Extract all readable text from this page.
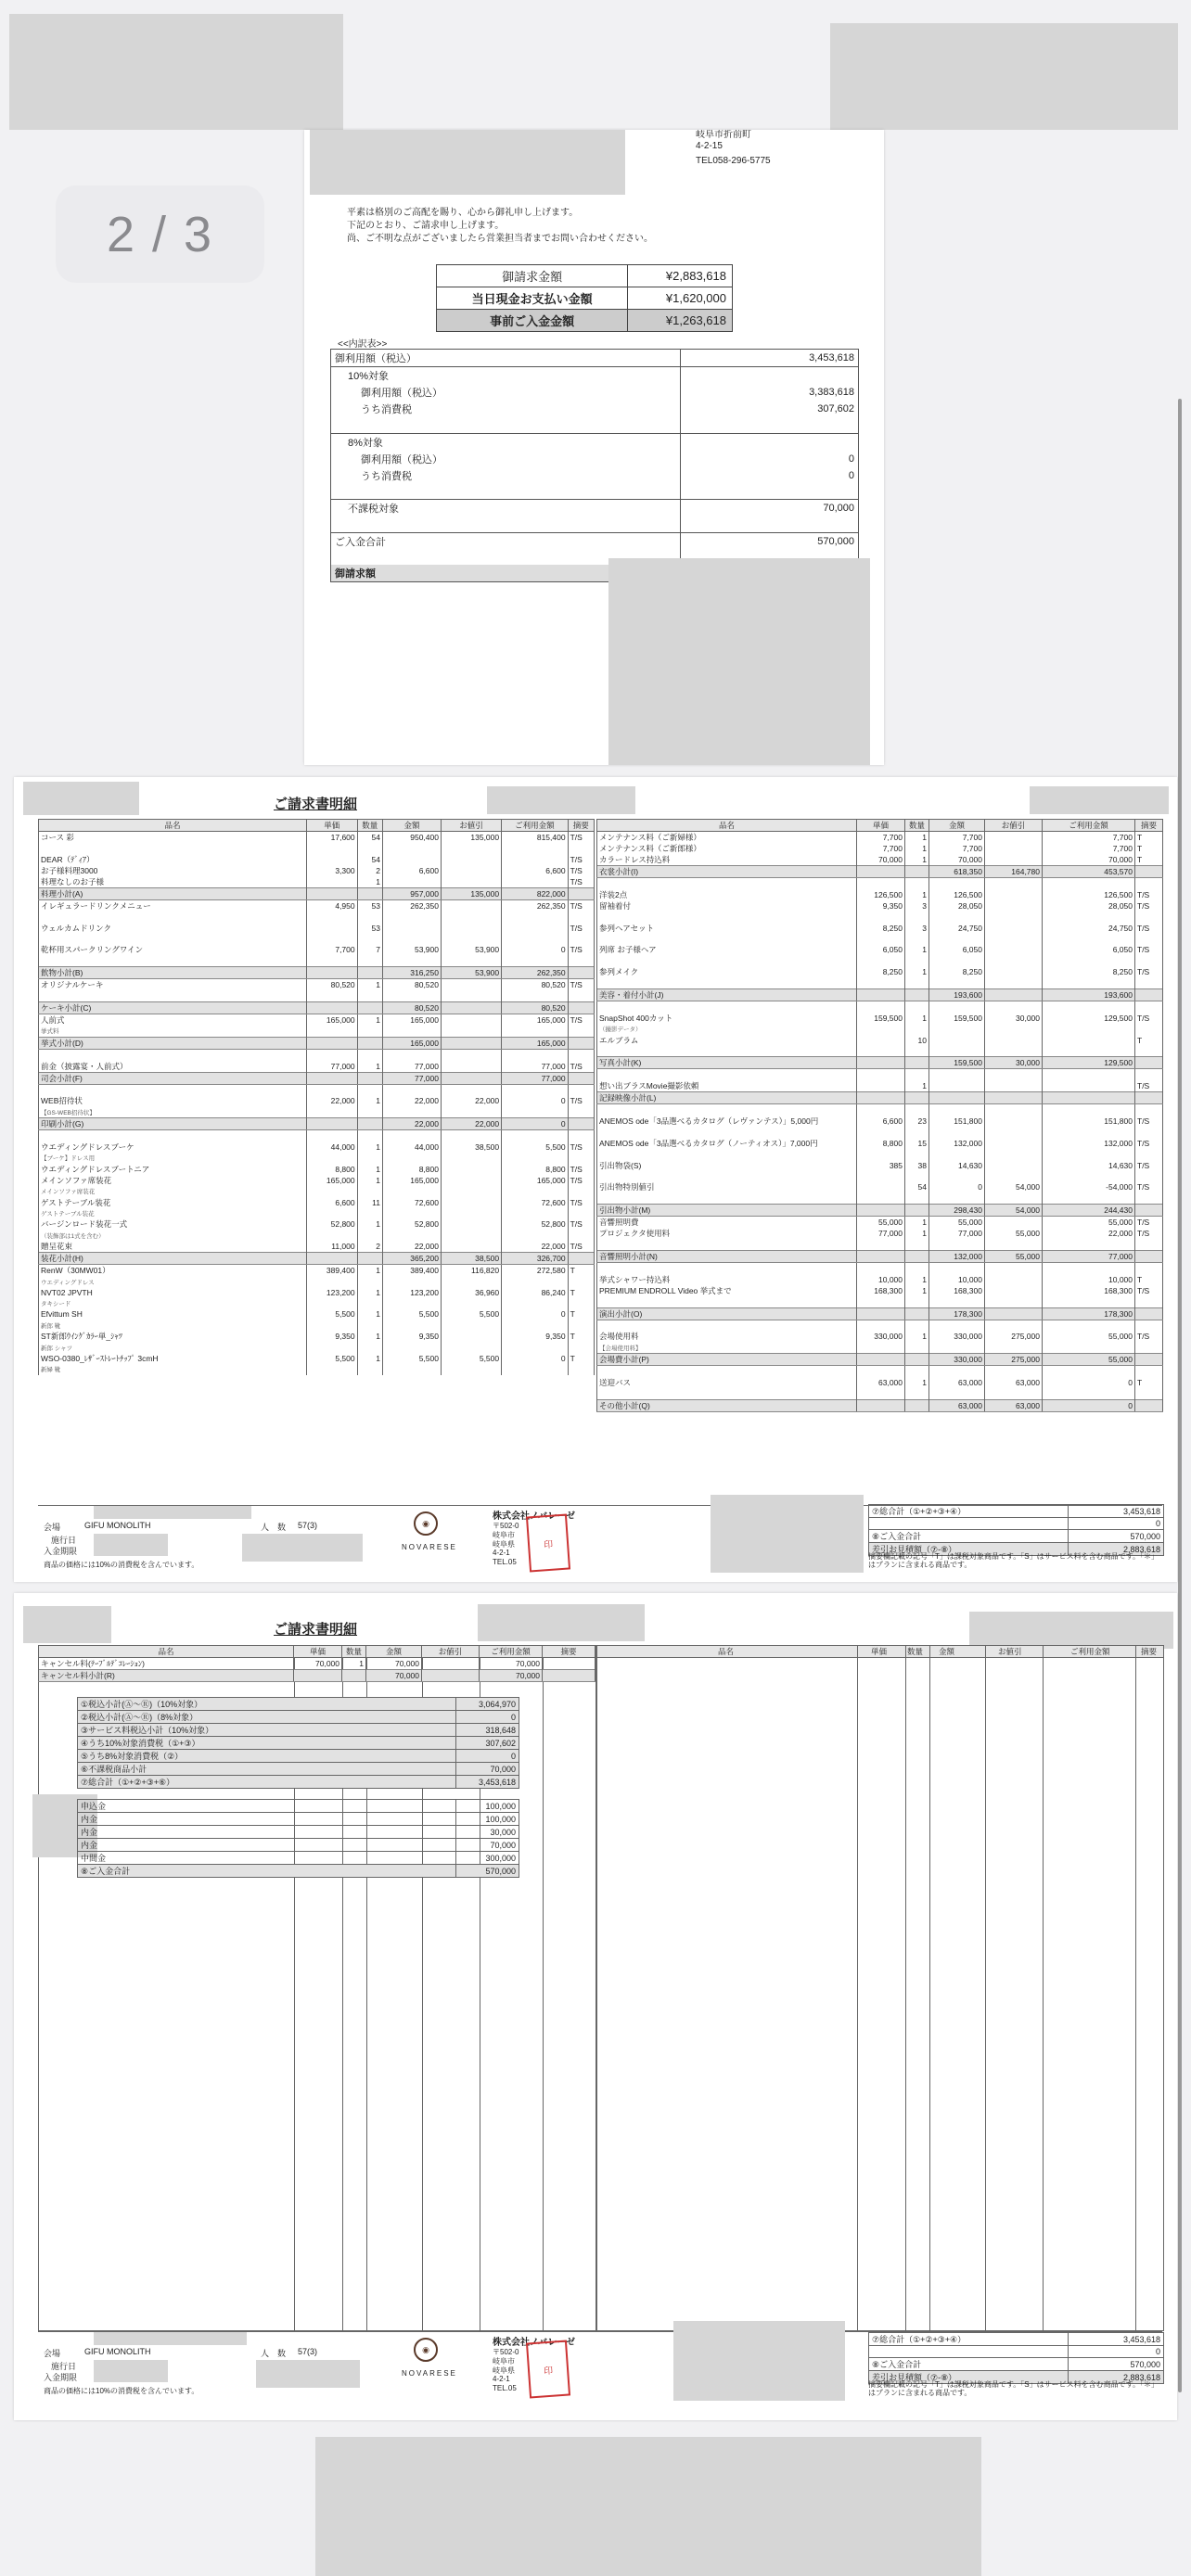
2 / 3
岐阜市折前町
4-2-15
TEL058-296-5775
平素は格別のご高配を賜り、心から御礼申し上げます。
下記のとおり、ご請求申し上げます。
尚、ご不明な点がございましたら営業担当者までお問い合わせください。
御請求金額	¥2,883,618
当日現金お支払い金額	¥1,620,000
事前ご入金金額	¥1,263,618
<<内訳表>>
御利用額（税込）	3,453,618
10%対象	
御利用額（税込）	3,383,618
うち消費税	307,602

8%対象	
御利用額（税込）	0
うち消費税	0

不課税対象	70,000

ご入金合計	570,000

御請求額	
ご請求書明細
品名	単価	数量	金額	お値引	ご利用金額	摘要
コース 彩	17,600	54	950,400	135,000	815,400	T/S

DEAR（ﾃﾞｨｱ）		54				T/S
お子様料理3000	3,300	2	6,600		6,600	T/S
料理なしのお子様		1				T/S
料理小計(A)			957,000	135,000	822,000	
イレギュラードリンクメニュー	4,950	53	262,350		262,350	T/S

ウェルカムドリンク		53				T/S

乾杯用スパークリングワイン	7,700	7	53,900	53,900	0	T/S

飲物小計(B)			316,250	53,900	262,350	
オリジナルケーキ	80,520	1	80,520		80,520	T/S

ケーキ小計(C)			80,520		80,520	
人前式	165,000	1	165,000		165,000	T/S
挙式料						
挙式小計(D)			165,000		165,000	

前金（披露宴・人前式）	77,000	1	77,000		77,000	T/S
司会小計(F)			77,000		77,000	

WEB招待状	22,000	1	22,000	22,000	0	T/S
【GS-WEB招待状】						
印刷小計(G)			22,000	22,000	0	

ウエディングドレスブーケ	44,000	1	44,000	38,500	5,500	T/S
【ブーケ】ドレス用						
ウエディングドレスブートニア	8,800	1	8,800		8,800	T/S
メインソファ席装花	165,000	1	165,000		165,000	T/S
メインソファ席装花						
ゲストテーブル装花	6,600	11	72,600		72,600	T/S
ゲストテーブル装花						
バージンロード装花一式	52,800	1	52,800		52,800	T/S
（装飾部は1式を含む）						
贈呈花束	11,000	2	22,000		22,000	T/S
装花小計(H)			365,200	38,500	326,700	
RenW（30MW01）	389,400	1	389,400	116,820	272,580	T
ウエディングドレス						
NVT02 JPVTH	123,200	1	123,200	36,960	86,240	T
タキシード						
Efvittum SH	5,500	1	5,500	5,500	0	T
新郎 靴						
ST新郎ｳｲﾝｸﾞｶﾗｰ単_ｼｬﾂ	9,350	1	9,350		9,350	T
新郎 シャツ						
WSO-0380_ﾚｻﾞｰｽﾄﾚｰﾄﾁｯﾌﾟ 3cmH	5,500	1	5,500	5,500	0	T
新婦 靴						
品名	単価	数量	金額	お値引	ご利用金額	摘要
メンテナンス料（ご新婦様）	7,700	1	7,700		7,700	T
メンテナンス料（ご新郎様）	7,700	1	7,700		7,700	T
カラードレス持込料	70,000	1	70,000		70,000	T
衣裳小計(I)			618,350	164,780	453,570	

洋装2点	126,500	1	126,500		126,500	T/S
留袖着付	9,350	3	28,050		28,050	T/S

参列ヘアセット	8,250	3	24,750		24,750	T/S

列席 お子様ヘア	6,050	1	6,050		6,050	T/S

参列メイク	8,250	1	8,250		8,250	T/S

美容・着付小計(J)			193,600		193,600	

SnapShot 400カット	159,500	1	159,500	30,000	129,500	T/S
（撮影データ）						
エルブラム		10				T

写真小計(K)			159,500	30,000	129,500	

想い出ブラスMovie撮影依頼		1				T/S
記録映像小計(L)						

ANEMOS ode「3品選べるカタログ（レヴァンテス）」5,000円	6,600	23	151,800		151,800	T/S

ANEMOS ode「3品選べるカタログ（ノーティオス）」7,000円	8,800	15	132,000		132,000	T/S

引出物袋(S)	385	38	14,630		14,630	T/S

引出物特別値引		54	0	54,000	-54,000	T/S

引出物小計(M)			298,430	54,000	244,430	
音響照明費	55,000	1	55,000		55,000	T/S
プロジェクタ使用料	77,000	1	77,000	55,000	22,000	T/S

音響照明小計(N)			132,000	55,000	77,000	

挙式シャワー持込料	10,000	1	10,000		10,000	T
PREMIUM ENDROLL Video 挙式まで	168,300	1	168,300		168,300	T/S

演出小計(O)			178,300		178,300	

会場使用料	330,000	1	330,000	275,000	55,000	T/S
【会場使用料】						
会場費小計(P)			330,000	275,000	55,000	

送迎バス	63,000	1	63,000	63,000	0	T

その他小計(Q)			63,000	63,000	0	
会場	GIFU MONOLITH
施行日
入金期限
人　数 57(3)
商品の価格には10%の消費税を含んでいます。
◉
NOVARESE
株式会社ノバレーゼ
〒502-0
岐阜市
岐阜県
4-2-1
TEL.05
印
⑦総合計（①+②+③+④）	3,453,618
	0
⑧ご入金合計	570,000
差引お見積額（⑦-⑧）	2,883,618
摘要欄記載の記号「T」は課税対象商品です。「S」はサービス料を含む商品です。「＊」はプランに含まれる商品です。
ご請求書明細
品名	単価	数量	金額	お値引	ご利用金額	摘要
キャンセル料(ﾃｰﾌﾞﾙﾃﾞｺﾚｰｼｮﾝ)	70,000	1	70,000		70,000	
キャンセル料小計(R)			70,000		70,000	
①税込小計(Ⓐ〜Ⓡ)（10%対象）	3,064,970
②税込小計(Ⓐ〜Ⓡ)（8%対象）	0
③サービス料税込小計（10%対象）	318,648
④うち10%対象消費税（①+③）	307,602
⑤うち8%対象消費税（②）	0
⑥不課税商品小計	70,000
⑦総合計（①+②+③+⑥）	3,453,618
申込金	100,000
内金	100,000
内金	30,000
内金	70,000
中間金	300,000
⑧ご入金合計	570,000
品名	単価	数量 金額	お値引	ご利用金額	摘要
会場	GIFU MONOLITH
施行日
入金期限
人　数 57(3)
商品の価格には10%の消費税を含んでいます。
◉
NOVARESE
株式会社ノバレーゼ
〒502-0
岐阜市
岐阜県
4-2-1
TEL.05
印
⑦総合計（①+②+③+④）	3,453,618
	0
⑧ご入金合計	570,000
差引お見積額（⑦-⑧）	2,883,618
摘要欄記載の記号「T」は課税対象商品です。「S」はサービス料を含む商品です。「＊」はプランに含まれる商品です。
